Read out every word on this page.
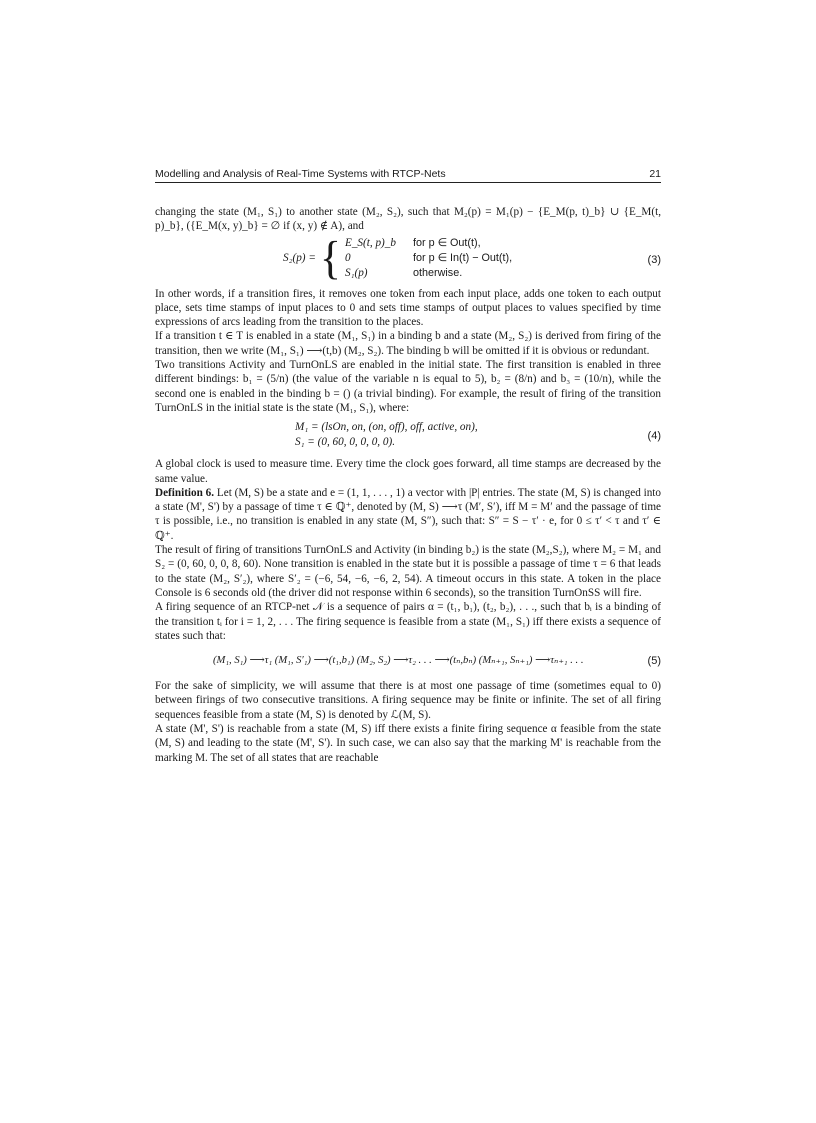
Modelling and Analysis of Real-Time Systems with RTCP-Nets	21

changing the state (M₁, S₁) to another state (M₂, S₂), such that M₂(p) = M₁(p) − {E_M(p, t)_b} ∪ {E_M(t, p)_b}, ({E_M(x, y)_b} = ∅ if (x, y) ∉ A), and

S₂(p) = { E_S(t, p)_b	for p ∈ Out(t),
0	for p ∈ In(t) − Out(t),
S₁(p)	otherwise.
(3)

In other words, if a transition fires, it removes one token from each input place, adds one token to each output place, sets time stamps of input places to 0 and sets time stamps of output places to values specified by time expressions of arcs leading from the transition to the places.

If a transition t ∈ T is enabled in a state (M₁, S₁) in a binding b and a state (M₂, S₂) is derived from firing of the transition, then we write (M₁, S₁) ⟶(t,b) (M₂, S₂). The binding b will be omitted if it is obvious or redundant.

Two transitions Activity and TurnOnLS are enabled in the initial state. The first transition is enabled in three different bindings: b₁ = (5/n) (the value of the variable n is equal to 5), b₂ = (8/n) and b₃ = (10/n), while the second one is enabled in the binding b = () (a trivial binding). For example, the result of firing of the transition TurnOnLS in the initial state is the state (M₁, S₁), where:

M₁ = (lsOn, on, (on, off), off, active, on),
S₁ = (0, 60, 0, 0, 0, 0).	(4)

A global clock is used to measure time. Every time the clock goes forward, all time stamps are decreased by the same value.

Definition 6. Let (M, S) be a state and e = (1, 1, . . . , 1) a vector with |P| entries. The state (M, S) is changed into a state (M', S') by a passage of time τ ∈ ℚ⁺, denoted by (M, S) ⟶τ (M′, S′), iff M = M′ and the passage of time τ is possible, i.e., no transition is enabled in any state (M, S″), such that: S″ = S − τ′ · e, for 0 ≤ τ′ < τ and τ′ ∈ ℚ⁺.

The result of firing of transitions TurnOnLS and Activity (in binding b₂) is the state (M₂,S₂), where M₂ = M₁ and S₂ = (0, 60, 0, 0, 8, 60). None transition is enabled in the state but it is possible a passage of time τ = 6 that leads to the state (M₂, S′₂), where S′₂ = (−6, 54, −6, −6, 2, 54). A timeout occurs in this state. A token in the place Console is 6 seconds old (the driver did not response within 6 seconds), so the transition TurnOnSS will fire.

A firing sequence of an RTCP-net 𝒩 is a sequence of pairs α = (t₁, b₁), (t₂, b₂), . . ., such that bᵢ is a binding of the transition tᵢ for i = 1, 2, . . . The firing sequence is feasible from a state (M₁, S₁) iff there exists a sequence of states such that:

(M₁, S₁) ⟶τ₁ (M₁, S′₁) ⟶(t₁,b₁) (M₂, S₂) ⟶τ₂ . . . ⟶(tₙ,bₙ) (Mₙ₊₁, Sₙ₊₁) ⟶τₙ₊₁ . . .	(5)

For the sake of simplicity, we will assume that there is at most one passage of time (sometimes equal to 0) between firings of two consecutive transitions. A firing sequence may be finite or infinite. The set of all firing sequences feasible from a state (M, S) is denoted by ℒ(M, S).

A state (M', S') is reachable from a state (M, S) iff there exists a finite firing sequence α feasible from the state (M, S) and leading to the state (M', S'). In such case, we can also say that the marking M' is reachable from the marking M. The set of all states that are reachable
